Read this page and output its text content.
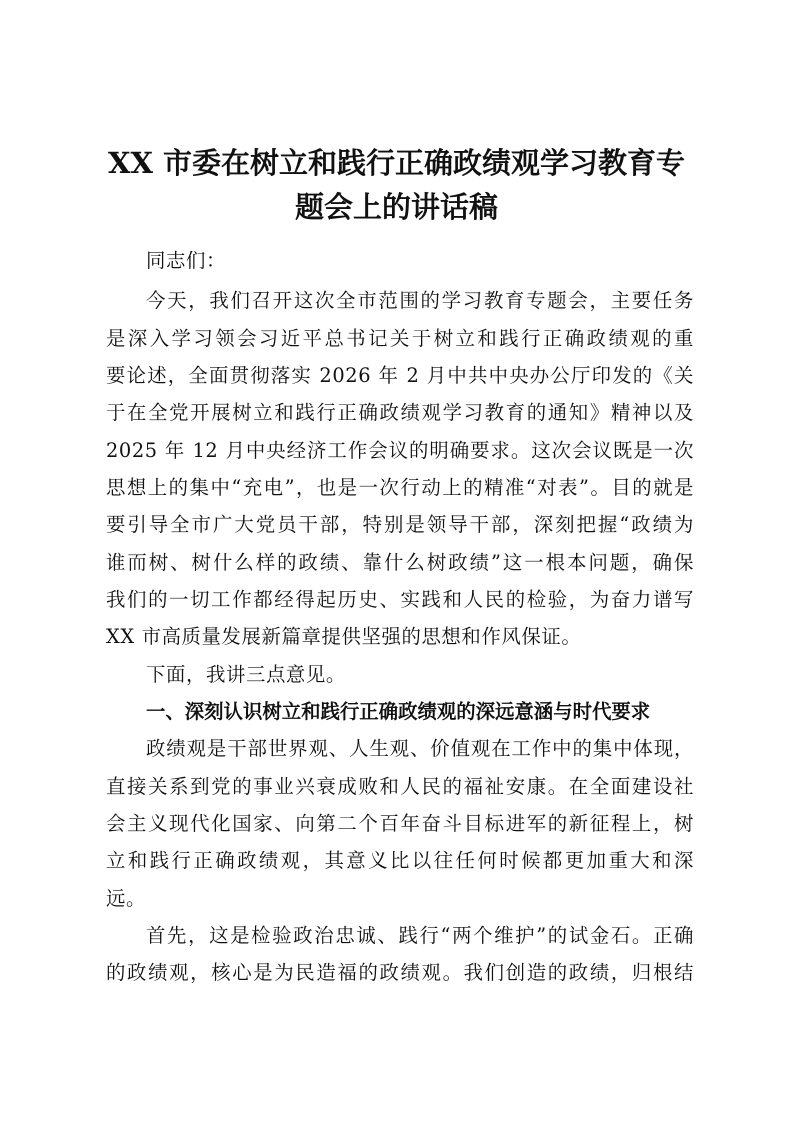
XX 市委在树立和践行正确政绩观学习教育专
题会上的讲话稿

同志们：

今天，我们召开这次全市范围的学习教育专题会，主要任务

是深入学习领会习近平总书记关于树立和践行正确政绩观的重

要论述，全面贯彻落实 2026 年 2 月中共中央办公厅印发的《关

于在全党开展树立和践行正确政绩观学习教育的通知》精神以及

2025 年 12 月中央经济工作会议的明确要求。这次会议既是一次

思想上的集中“充电”，也是一次行动上的精准“对表”。目的就是

要引导全市广大党员干部，特别是领导干部，深刻把握“政绩为

谁而树、树什么样的政绩、靠什么树政绩”这一根本问题，确保

我们的一切工作都经得起历史、实践和人民的检验，为奋力谱写

XX 市高质量发展新篇章提供坚强的思想和作风保证。

下面，我讲三点意见。

一、深刻认识树立和践行正确政绩观的深远意涵与时代要求

政绩观是干部世界观、人生观、价值观在工作中的集中体现，

直接关系到党的事业兴衰成败和人民的福祉安康。在全面建设社

会主义现代化国家、向第二个百年奋斗目标进军的新征程上，树

立和践行正确政绩观，其意义比以往任何时候都更加重大和深

远。

首先，这是检验政治忠诚、践行“两个维护”的试金石。正确

的政绩观，核心是为民造福的政绩观。我们创造的政绩，归根结
